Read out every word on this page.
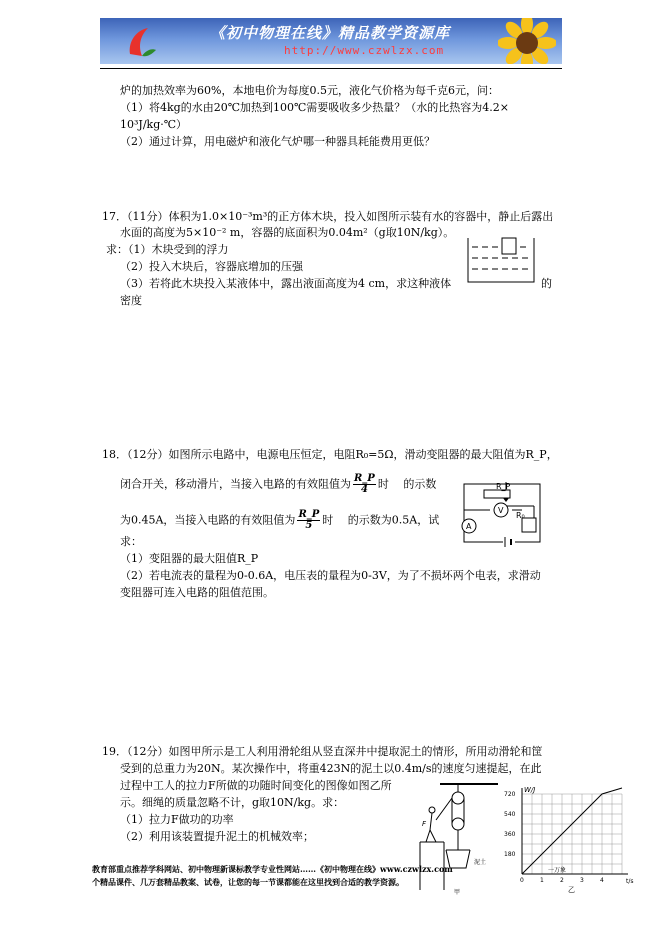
《初中物理在线》精品教学资源库
http://www.czwlzx.com
炉的加热效率为60%，本地电价为每度0.5元，液化气价格为每千克6元，问：
（1）将4kg的水由20℃加热到100℃需要吸收多少热量？（水的比热容为4.2×
10³J/kg·℃）
（2）通过计算，用电磁炉和液化气炉哪一种器具耗能费用更低？
17．（11分）体积为1.0×10⁻³m³的正方体木块，投入如图所示装有水的容器中，静止后露出
水面的高度为5×10⁻² m，容器的底面积为0.04m²（g取10N/kg）。
求：（1）木块受到的浮力
（2）投入木块后，容器底增加的压强
（3）若将此木块投入某液体中，露出液面高度为4 cm，求这种液体	的
密度
18．（12分）如图所示电路中，电源电压恒定，电阻R₀=5Ω，滑动变阻器的最大阻值为R_P，
闭合开关，移动滑片，当接入电路的有效阻值为 $\frac{R\_P}{4}$ 时　 的示数
为0.45A，当接入电路的有效阻值为 $\frac{R\_P}{5}$ 时　 的示数为0.5A，试
求：
（1）变阻器的最大阻值R_P
（2）若电流表的量程为0-0.6A，电压表的量程为0-3V，为了不损坏两个电表，求滑动
变阻器可连入电路的阻值范围。
R_P
V
A
R₀
19．（12分）如图甲所示是工人利用滑轮组从竖直深井中提取泥土的情形，所用动滑轮和筐
受到的总重力为20N。某次操作中，将重423N的泥土以0.4m/s的速度匀速提起，在此
过程中工人的拉力F所做的功随时间变化的图像如图乙所
示。细绳的质量忽略不计，g取10N/kg。求：
（1）拉力F做功的功率
（2）利用该装置提升泥土的机械效率；
F
泥土
甲
W/J
720
540
360
180
0	1	2	3	4	t/s
一万象
乙
教育部重点推荐学科网站、初中物理新课标教学专业性网站……《初中物理在线》www.czwlzx.com
个精品课件、几万套精品教案、试卷，让您的每一节课都能在这里找到合适的教学资源。
